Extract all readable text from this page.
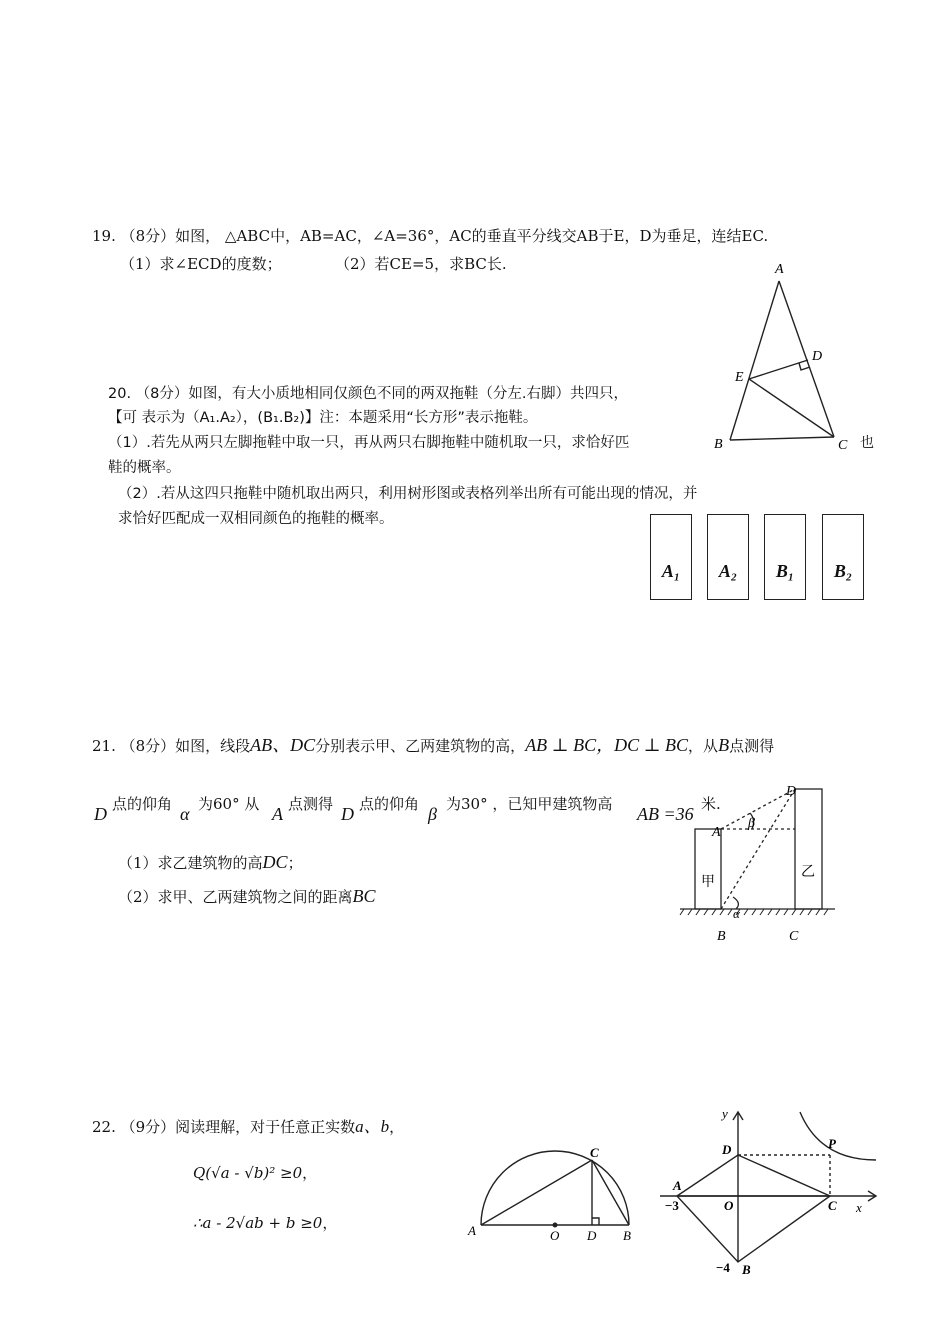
19. （8分）如图， △ABC中，AB=AC，∠A=36°，AC的垂直平分线交AB于E，D为垂足，连结EC.
（1）求∠ECD的度数；	（2）若CE=5，求BC长.	A
D
E
B	C 也
20. （8分）如图，有大小质地相同仅颜色不同的两双拖鞋（分左.右脚）共四只，
【可 表示为（A₁.A₂），(B₁.B₂)】注：本题采用“长方形”表示拖鞋。
（1）.若先从两只左脚拖鞋中取一只，再从两只右脚拖鞋中随机取一只，求恰好匹
鞋的概率。
（2）.若从这四只拖鞋中随机取出两只，利用树形图或表格列举出所有可能出现的情况，并
求恰好匹配成一双相同颜色的拖鞋的概率。
A₁	A₂	B₁	B₂
21. （8分）如图，线段AB、DC分别表示甲、乙两建筑物的高，AB ⊥ BC，DC ⊥ BC，从B点测得
D 点的仰角 α 为60° 从 A 点测得 D 点的仰角 β 为30° ，已知甲建筑物高 AB =36 米.
（1）求乙建筑物的高DC；
（2）求甲、乙两建筑物之间的距离BC
A
D
β
α
B	C
甲
乙
22. （9分）阅读理解，对于任意正实数a、b，
Q(√a - √b)² ≥0，
∴a - 2√ab + b ≥0，
C
A	O D B
y
D	P
A
−3	O	C x
−4 B
